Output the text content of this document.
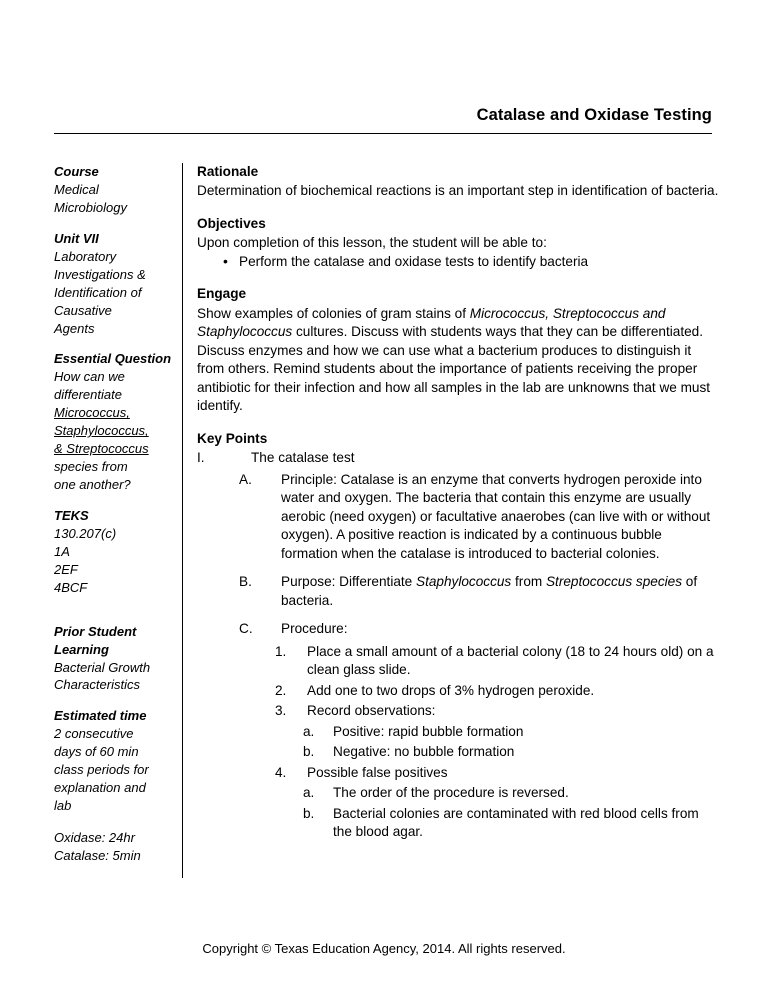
Catalase and Oxidase Testing
Course
Medical
Microbiology
Unit VII
Laboratory
Investigations &
Identification of
Causative
Agents
Essential Question
How can we
differentiate
Micrococcus,
Staphylococcus,
& Streptococcus
species from
one another?
TEKS
130.207(c)
1A
2EF
4BCF
Prior Student Learning
Bacterial Growth
Characteristics
Estimated time
2 consecutive
days of 60 min
class periods for
explanation and
lab
Oxidase: 24hr
Catalase: 5min
Rationale
Determination of biochemical reactions is an important step in identification of bacteria.
Objectives
Upon completion of this lesson, the student will be able to:
• Perform the catalase and oxidase tests to identify bacteria
Engage
Show examples of colonies of gram stains of Micrococcus, Streptococcus and Staphylococcus cultures. Discuss with students ways that they can be differentiated. Discuss enzymes and how we can use what a bacterium produces to distinguish it from others. Remind students about the importance of patients receiving the proper antibiotic for their infection and how all samples in the lab are unknowns that we must identify.
Key Points
I.	The catalase test
A.	Principle: Catalase is an enzyme that converts hydrogen peroxide into water and oxygen. The bacteria that contain this enzyme are usually aerobic (need oxygen) or facultative anaerobes (can live with or without oxygen). A positive reaction is indicated by a continuous bubble formation when the catalase is introduced to bacterial colonies.
B.	Purpose: Differentiate Staphylococcus from Streptococcus species of bacteria.
C.	Procedure:
1.	Place a small amount of a bacterial colony (18 to 24 hours old) on a clean glass slide.
2.	Add one to two drops of 3% hydrogen peroxide.
3.	Record observations:
a.	Positive: rapid bubble formation
b.	Negative: no bubble formation
4.	Possible false positives
a.	The order of the procedure is reversed.
b.	Bacterial colonies are contaminated with red blood cells from the blood agar.
Copyright © Texas Education Agency, 2014. All rights reserved.
